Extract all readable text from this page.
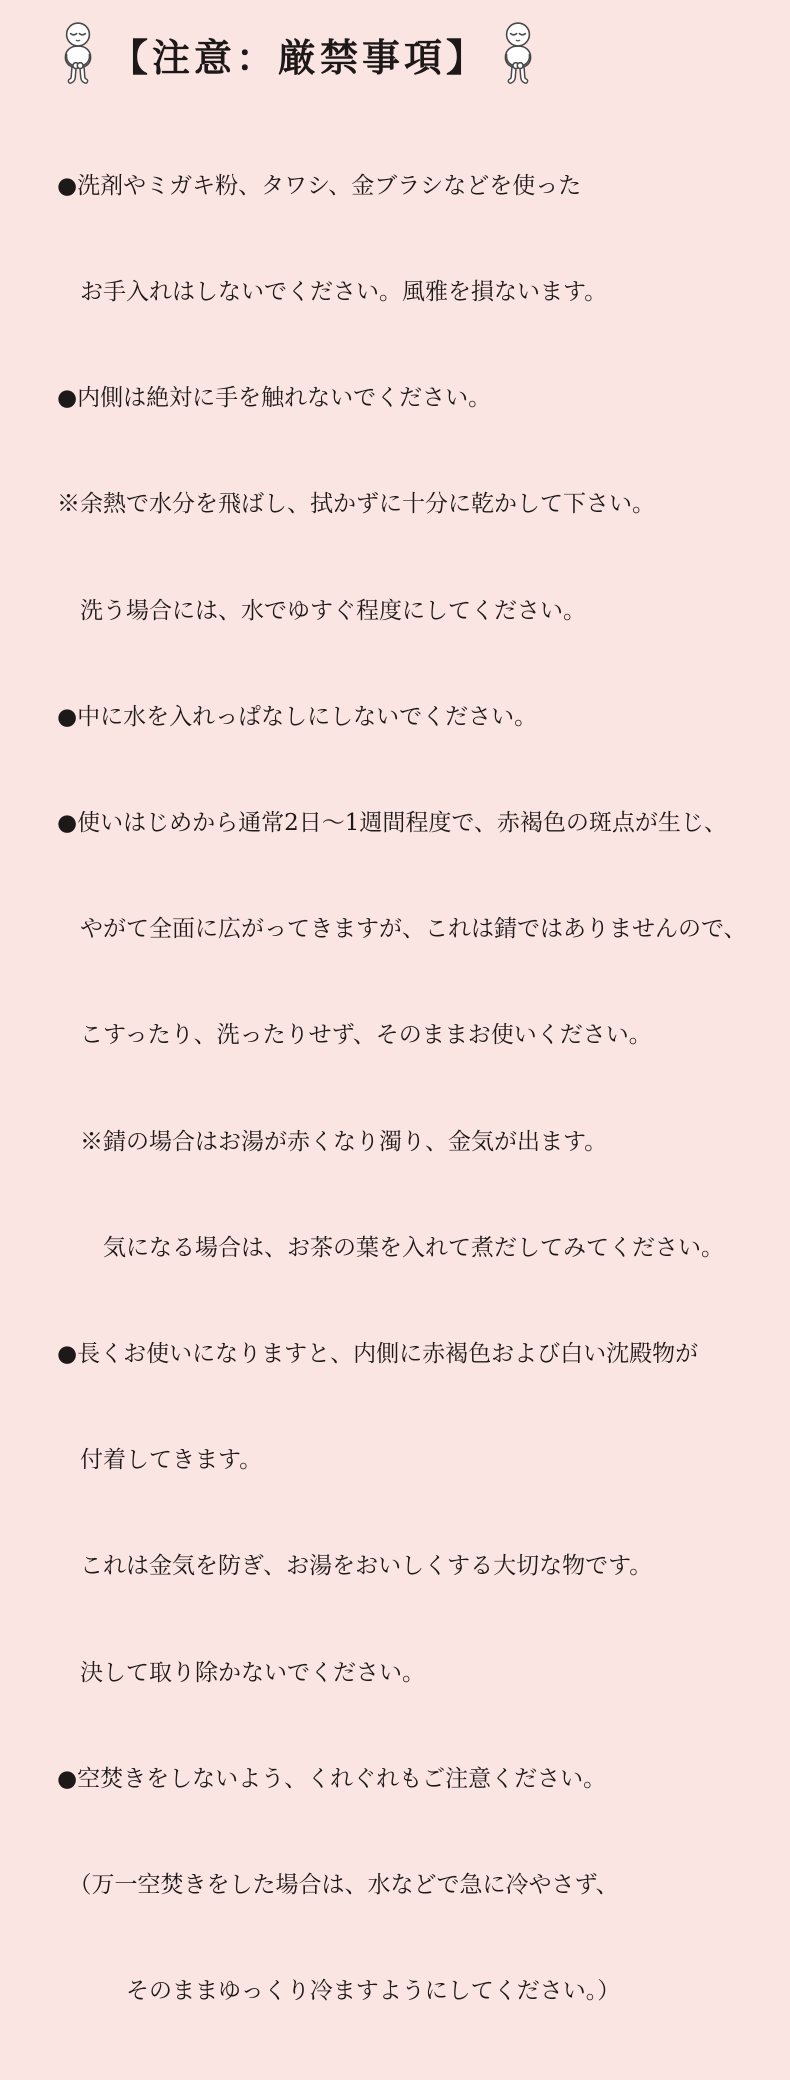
【注意：厳禁事項】

●洗剤やミガキ粉、タワシ、金ブラシなどを使った

　お手入れはしないでください。風雅を損ないます。

●内側は絶対に手を触れないでください。

※余熱で水分を飛ばし、拭かずに十分に乾かして下さい。

　洗う場合には、水でゆすぐ程度にしてください。

●中に水を入れっぱなしにしないでください。

●使いはじめから通常2日～1週間程度で、赤褐色の斑点が生じ、

　やがて全面に広がってきますが、これは錆ではありませんので、

　こすったり、洗ったりせず、そのままお使いください。

　※錆の場合はお湯が赤くなり濁り、金気が出ます。

　　気になる場合は、お茶の葉を入れて煮だしてみてください。

●長くお使いになりますと、内側に赤褐色および白い沈殿物が

　付着してきます。

　これは金気を防ぎ、お湯をおいしくする大切な物です。

　決して取り除かないでください。

●空焚きをしないよう、くれぐれもご注意ください。

　（万一空焚きをした場合は、水などで急に冷やさず、

　　　そのままゆっくり冷ますようにしてください。）
